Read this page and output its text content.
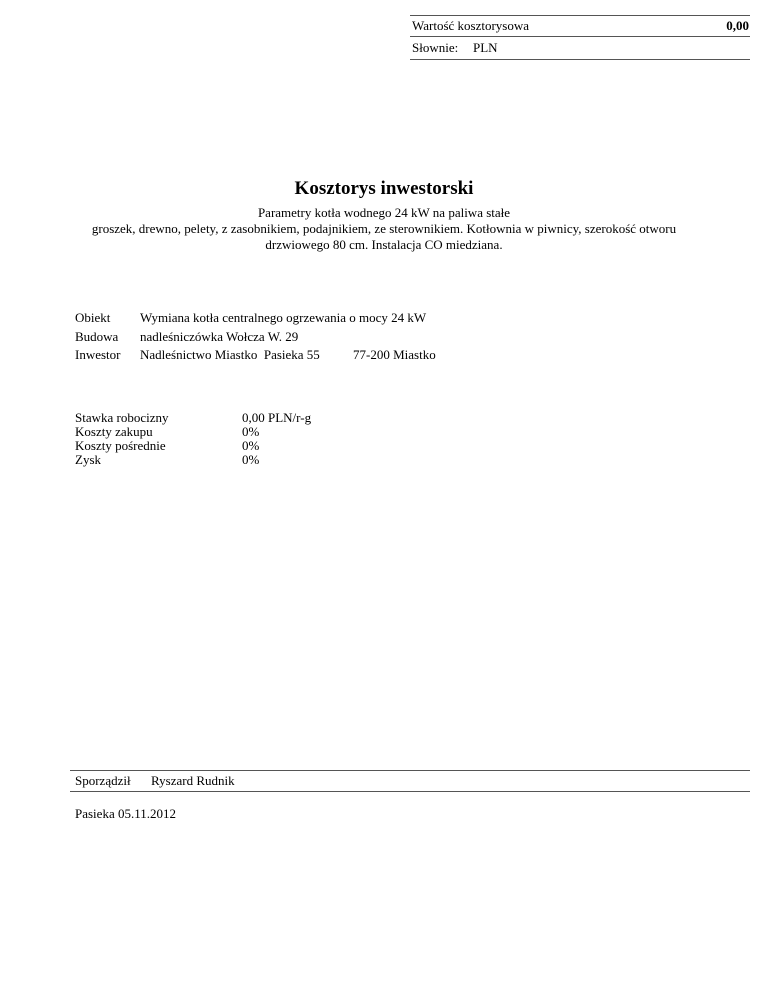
Wartość kosztorysowa	0,00
Słownie: PLN
Kosztorys inwestorski
Parametry kotła wodnego 24 kW na paliwa stałe
groszek, drewno, pelety, z zasobnikiem, podajnikiem, ze sterownikiem. Kotłownia w piwnicy, szerokość otworu
drzwiowego 80 cm. Instalacja CO miedziana.
Obiekt Wymiana kotła centralnego ogrzewania o mocy 24 kW
Budowa nadleśniczówka Wołcza W. 29
Inwestor Nadleśnictwo Miastko  Pasieka 55	77-200 Miastko
Stawka robocizny	0,00 PLN/r-g
Koszty zakupu	0%
Koszty pośrednie	0%
Zysk	0%
Sporządził Ryszard Rudnik
Pasieka 05.11.2012
